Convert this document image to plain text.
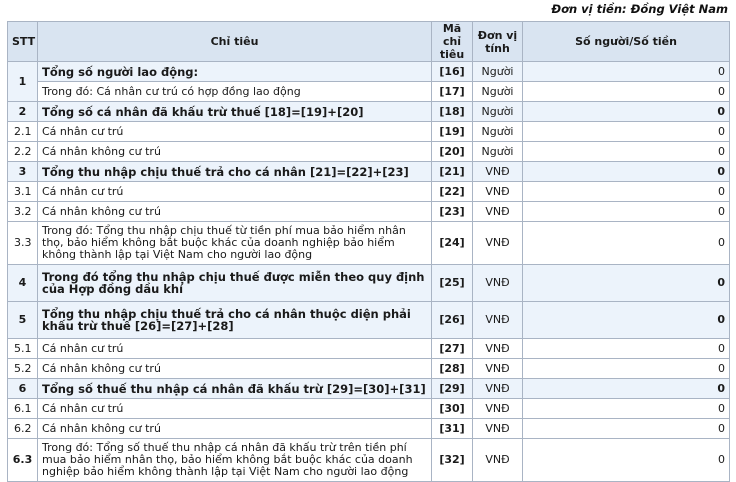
Đơn vị tiền: Đồng Việt Nam
STT	Chỉ tiêu	Mã chỉ tiêu	Đơn vị tính	Số người/Số tiền
1	Tổng số người lao động:	[16]	Người	0
	Trong đó: Cá nhân cư trú có hợp đồng lao động	[17]	Người	0
2	Tổng số cá nhân đã khấu trừ thuế [18]=[19]+[20]	[18]	Người	0
2.1	Cá nhân cư trú	[19]	Người	0
2.2	Cá nhân không cư trú	[20]	Người	0
3	Tổng thu nhập chịu thuế trả cho cá nhân [21]=[22]+[23]	[21]	VNĐ	0
3.1	Cá nhân cư trú	[22]	VNĐ	0
3.2	Cá nhân không cư trú	[23]	VNĐ	0
3.3	Trong đó: Tổng thu nhập chịu thuế từ tiền phí mua bảo hiểm nhân thọ, bảo hiểm không bắt buộc khác của doanh nghiệp bảo hiểm không thành lập tại Việt Nam cho người lao động	[24]	VNĐ	0
4	Trong đó tổng thu nhập chịu thuế được miễn theo quy định của Hợp đồng dầu khí	[25]	VNĐ	0
5	Tổng thu nhập chịu thuế trả cho cá nhân thuộc diện phải khấu trừ thuế [26]=[27]+[28]	[26]	VNĐ	0
5.1	Cá nhân cư trú	[27]	VNĐ	0
5.2	Cá nhân không cư trú	[28]	VNĐ	0
6	Tổng số thuế thu nhập cá nhân đã khấu trừ [29]=[30]+[31]	[29]	VNĐ	0
6.1	Cá nhân cư trú	[30]	VNĐ	0
6.2	Cá nhân không cư trú	[31]	VNĐ	0
6.3	Trong đó: Tổng số thuế thu nhập cá nhân đã khấu trừ trên tiền phí mua bảo hiểm nhân thọ, bảo hiểm không bắt buộc khác của doanh nghiệp bảo hiểm không thành lập tại Việt Nam cho người lao động	[32]	VNĐ	0
